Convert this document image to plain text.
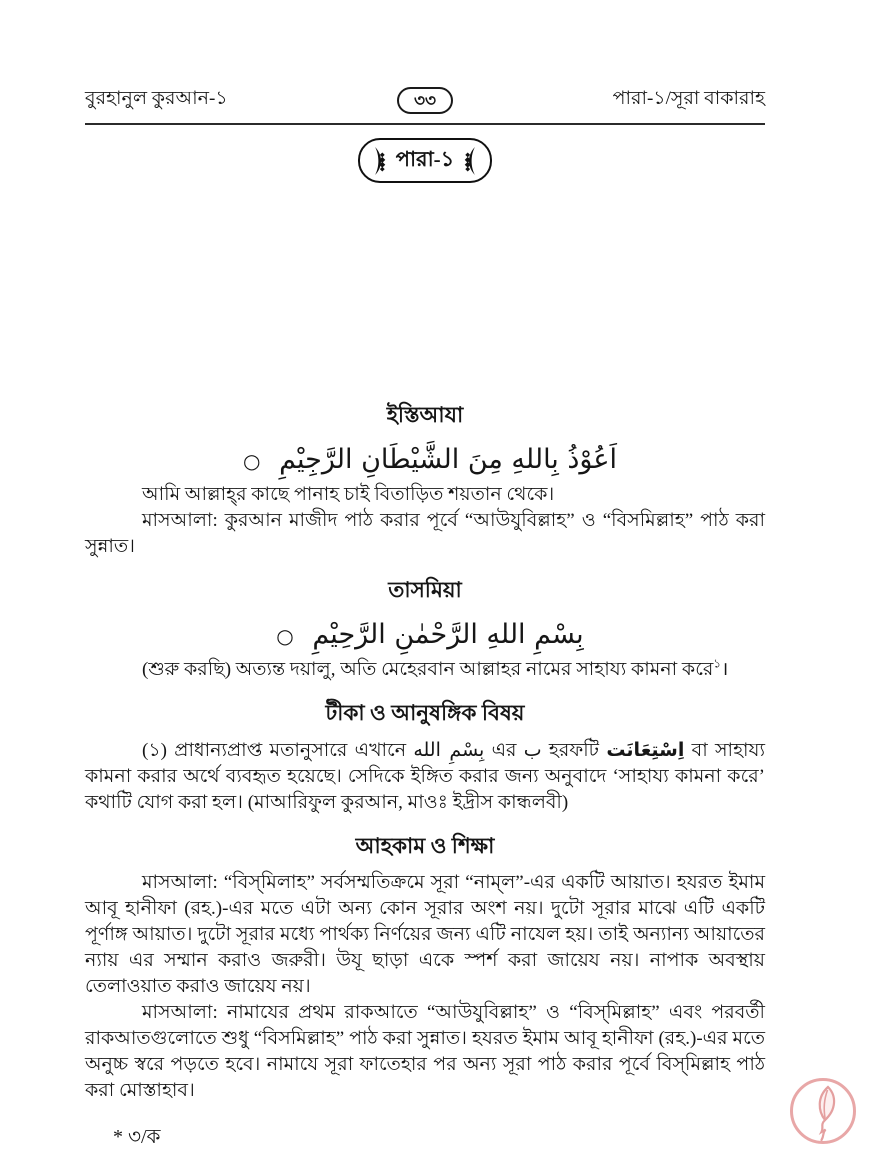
বুরহানুল কুরআন-১	৩৩	পারা-১/সূরা বাকারাহ
পারা-১
ইস্তিআযা
اَعُوْذُ بِاللهِ مِنَ الشَّيْطَانِ الرَّجِيْمِ ○

আমি আল্লাহ্‌র কাছে পানাহ চাই বিতাড়িত শয়তান থেকে।

মাসআলা: কুরআন মাজীদ পাঠ করার পূর্বে “আউযুবিল্লাহ” ও “বিসমিল্লাহ” পাঠ করা সুন্নাত।

তাসমিয়া
بِسْمِ اللهِ الرَّحْمٰنِ الرَّحِيْمِ ○

(শুরু করছি) অত্যন্ত দয়ালু, অতি মেহেরবান আল্লাহর নামের সাহায্য কামনা করে$^১$।

টীকা ও আনুষঙ্গিক বিষয়

(১) প্রাধান্যপ্রাপ্ত মতানুসারে এখানে بِسْمِ الله এর ب হরফটি اِسْتِعَانَت বা সাহায্য কামনা করার অর্থে ব্যবহৃত হয়েছে। সেদিকে ইঙ্গিত করার জন্য অনুবাদে ‘সাহায্য কামনা করে’ কথাটি যোগ করা হল। (মাআরিফুল কুরআন, মাওঃ ইদ্রীস কান্ধলবী)

আহকাম ও শিক্ষা

মাসআলা: “বিস্‌মিলাহ” সর্বসম্মতিক্রমে সূরা “নাম্‌ল”-এর একটি আয়াত। হযরত ইমাম আবূ হানীফা (রহ.)-এর মতে এটা অন্য কোন সূরার অংশ নয়। দুটো সূরার মাঝে এটি একটি পূর্ণাঙ্গ আয়াত। দুটো সূরার মধ্যে পার্থক্য নির্ণয়ের জন্য এটি নাযেল হয়। তাই অন্যান্য আয়াতের ন্যায় এর সম্মান করাও জরুরী। উযূ ছাড়া একে স্পর্শ করা জায়েয নয়। নাপাক অবস্থায় তেলাওয়াত করাও জায়েয নয়।

মাসআলা: নামাযের প্রথম রাকআতে “আউযুবিল্লাহ” ও “বিস্‌মিল্লাহ” এবং পরবর্তী রাকআতগুলোতে শুধু “বিসমিল্লাহ” পাঠ করা সুন্নাত। হযরত ইমাম আবূ হানীফা (রহ.)-এর মতে অনুচ্চ স্বরে পড়তে হবে। নামাযে সূরা ফাতেহার পর অন্য সূরা পাঠ করার পূর্বে বিস্‌মিল্লাহ পাঠ করা মোস্তাহাব।

* ৩/ক
